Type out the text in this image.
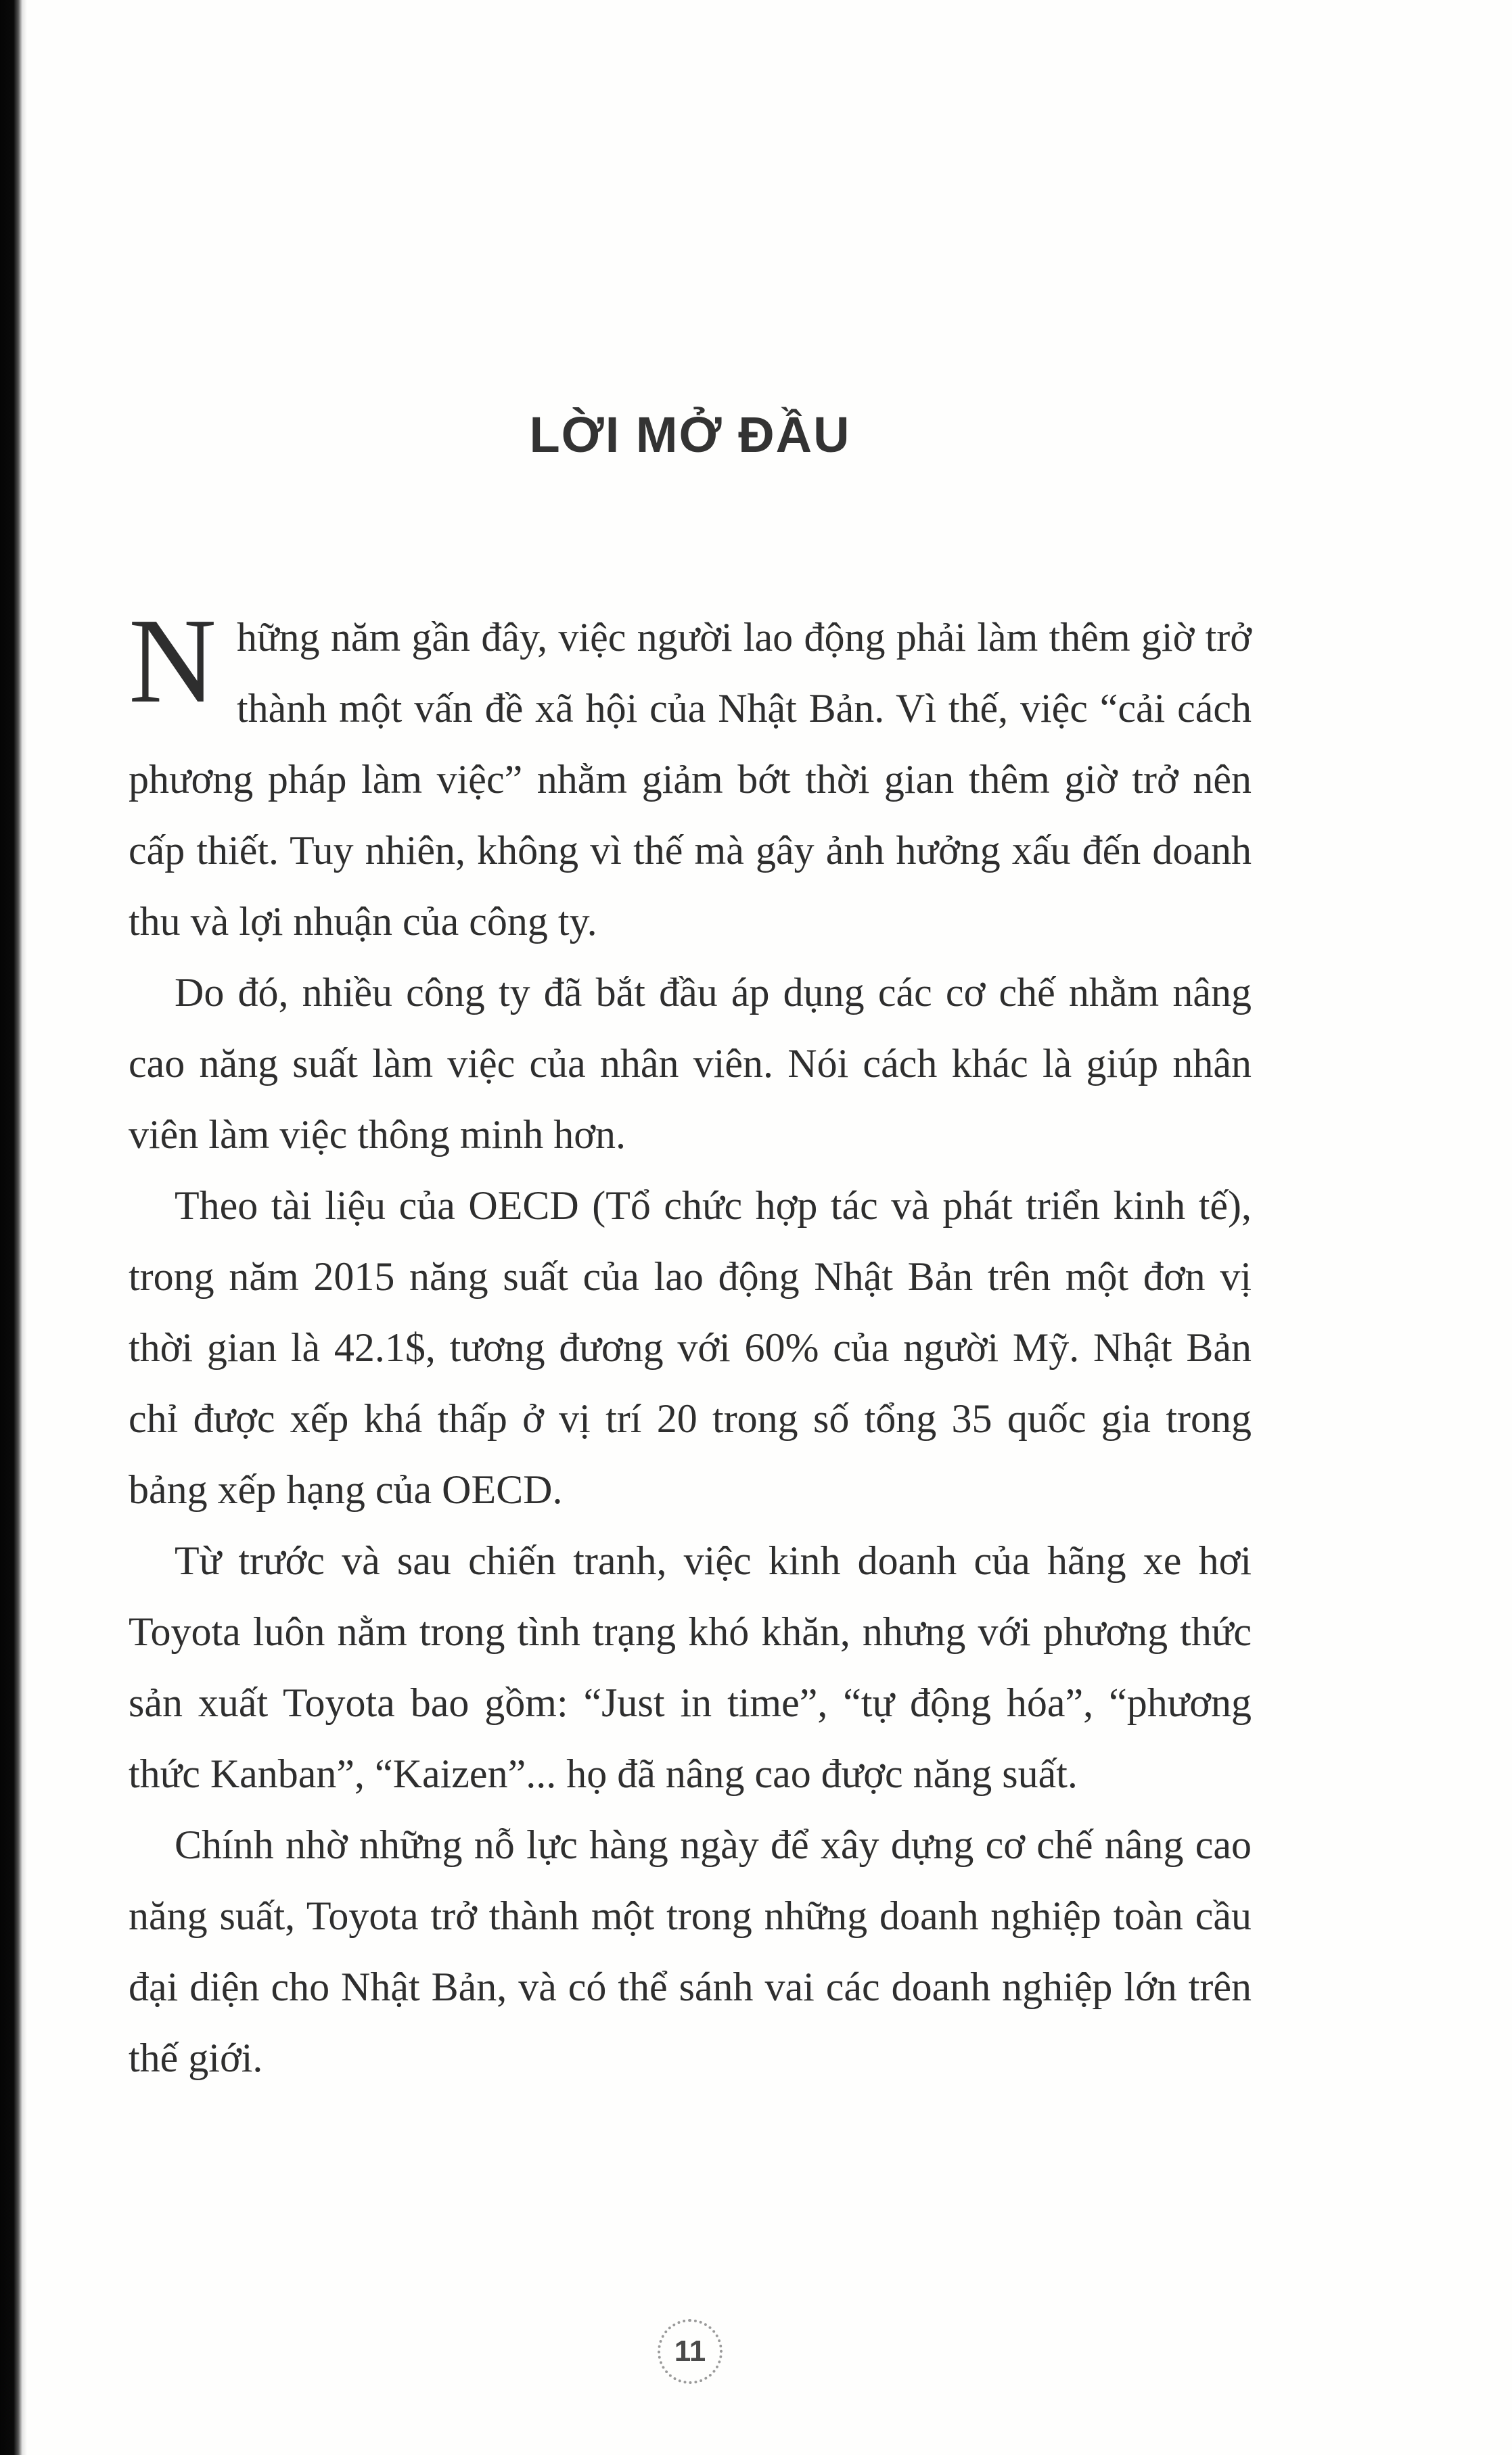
LỜI MỞ ĐẦU

Những năm gần đây, việc người lao động phải làm thêm giờ trở thành một vấn đề xã hội của Nhật Bản. Vì thế, việc “cải cách phương pháp làm việc” nhằm giảm bớt thời gian thêm giờ trở nên cấp thiết. Tuy nhiên, không vì thế mà gây ảnh hưởng xấu đến doanh thu và lợi nhuận của công ty.

Do đó, nhiều công ty đã bắt đầu áp dụng các cơ chế nhằm nâng cao năng suất làm việc của nhân viên. Nói cách khác là giúp nhân viên làm việc thông minh hơn.

Theo tài liệu của OECD (Tổ chức hợp tác và phát triển kinh tế), trong năm 2015 năng suất của lao động Nhật Bản trên một đơn vị thời gian là 42.1$, tương đương với 60% của người Mỹ. Nhật Bản chỉ được xếp khá thấp ở vị trí 20 trong số tổng 35 quốc gia trong bảng xếp hạng của OECD.

Từ trước và sau chiến tranh, việc kinh doanh của hãng xe hơi Toyota luôn nằm trong tình trạng khó khăn, nhưng với phương thức sản xuất Toyota bao gồm: “Just in time”, “tự động hóa”, “phương thức Kanban”, “Kaizen”... họ đã nâng cao được năng suất.

Chính nhờ những nỗ lực hàng ngày để xây dựng cơ chế nâng cao năng suất, Toyota trở thành một trong những doanh nghiệp toàn cầu đại diện cho Nhật Bản, và có thể sánh vai các doanh nghiệp lớn trên thế giới.

11
